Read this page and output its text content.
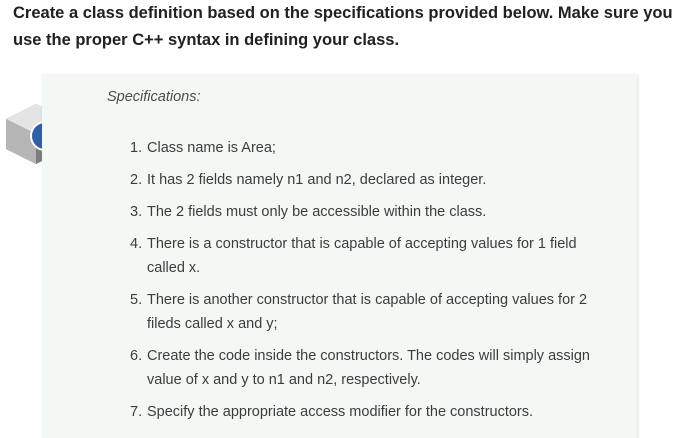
Create a class definition based on the specifications provided below. Make sure you use the proper C++ syntax in defining your class.

Specifications:

1. Class name is Area;
2. It has 2 fields namely n1 and n2, declared as integer.
3. The 2 fields must only be accessible within the class.
4. There is a constructor that is capable of accepting values for 1 field called x.
5. There is another constructor that is capable of accepting values for 2 fileds called x and y;
6. Create the code inside the constructors. The codes will simply assign value of x and y to n1 and n2, respectively.
7. Specify the appropriate access modifier for the constructors.
